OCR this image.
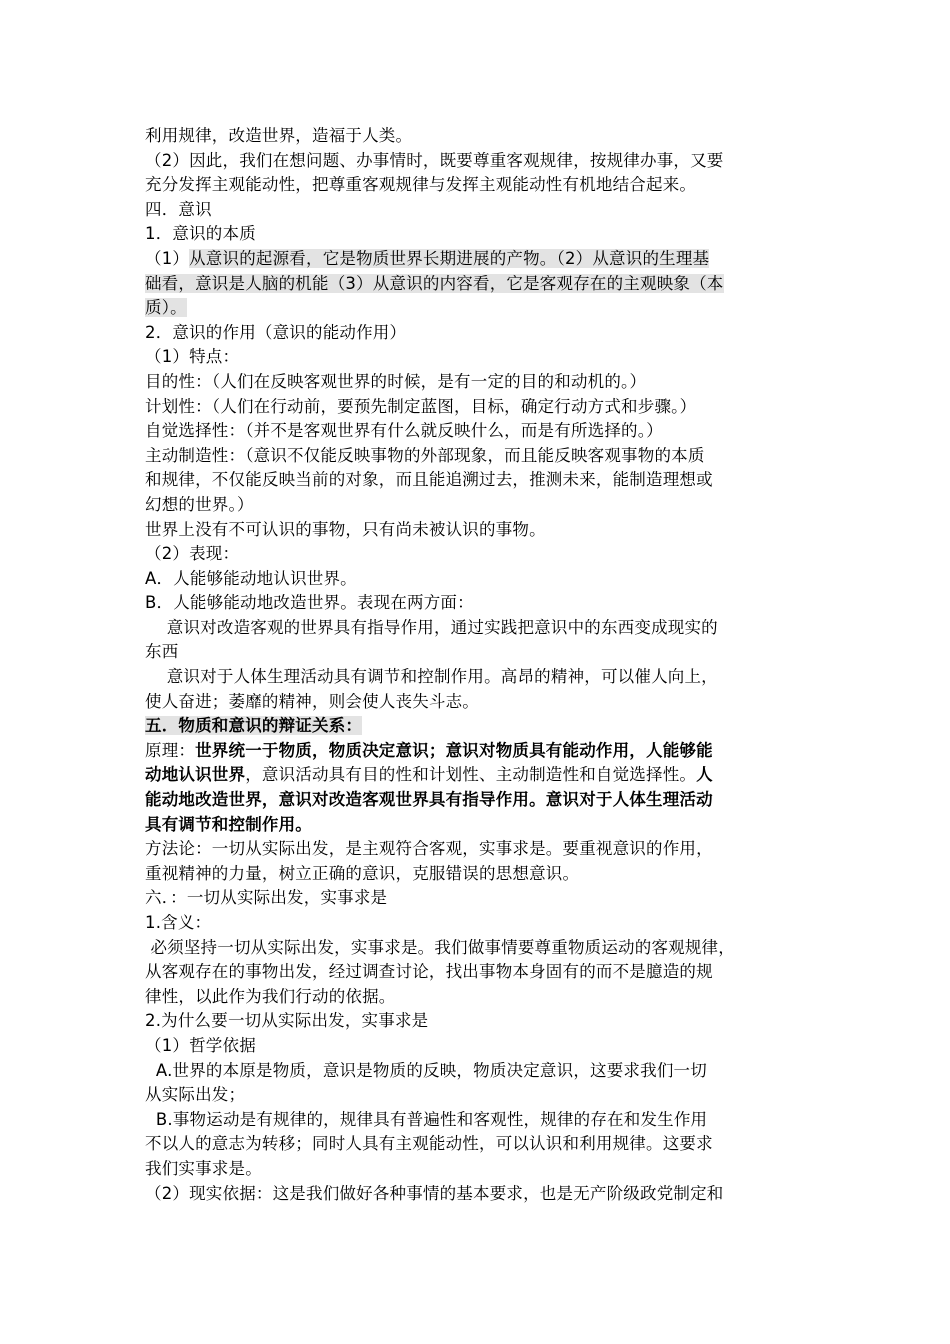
利用规律，改造世界，造福于人类。
（2）因此，我们在想问题、办事情时，既要尊重客观规律，按规律办事，又要
充分发挥主观能动性，把尊重客观规律与发挥主观能动性有机地结合起来。
四．意识
1．意识的本质
（1）从意识的起源看，它是物质世界长期进展的产物。（2）从意识的生理基
础看，意识是人脑的机能（3）从意识的内容看，它是客观存在的主观映象（本
质）。
2．意识的作用（意识的能动作用）
（1）特点：
目的性：（人们在反映客观世界的时候，是有一定的目的和动机的。）
计划性：（人们在行动前，要预先制定蓝图，目标，确定行动方式和步骤。）
自觉选择性：（并不是客观世界有什么就反映什么，而是有所选择的。）
主动制造性：（意识不仅能反映事物的外部现象，而且能反映客观事物的本质
和规律，不仅能反映当前的对象，而且能追溯过去，推测未来，能制造理想或
幻想的世界。）
世界上没有不可认识的事物，只有尚未被认识的事物。
（2）表现：
A．人能够能动地认识世界。
B．人能够能动地改造世界。表现在两方面：
意识对改造客观的世界具有指导作用，通过实践把意识中的东西变成现实的
东西
意识对于人体生理活动具有调节和控制作用。高昂的精神，可以催人向上，
使人奋进；萎靡的精神，则会使人丧失斗志。
五．物质和意识的辩证关系：
原理：世界统一于物质，物质决定意识；意识对物质具有能动作用，人能够能
动地认识世界，意识活动具有目的性和计划性、主动制造性和自觉选择性。人
能动地改造世界，意识对改造客观世界具有指导作用。意识对于人体生理活动
具有调节和控制作用。
方法论：一切从实际出发，是主观符合客观，实事求是。要重视意识的作用，
重视精神的力量，树立正确的意识，克服错误的思想意识。
六．：一切从实际出发，实事求是
1.含义：
必须坚持一切从实际出发，实事求是。我们做事情要尊重物质运动的客观规律，
从客观存在的事物出发，经过调查讨论，找出事物本身固有的而不是臆造的规
律性，以此作为我们行动的依据。
2.为什么要一切从实际出发，实事求是
（1）哲学依据
A.世界的本原是物质，意识是物质的反映，物质决定意识，这要求我们一切
从实际出发；
B.事物运动是有规律的，规律具有普遍性和客观性，规律的存在和发生作用
不以人的意志为转移；同时人具有主观能动性，可以认识和利用规律。这要求
我们实事求是。
（2）现实依据：这是我们做好各种事情的基本要求，也是无产阶级政党制定和
